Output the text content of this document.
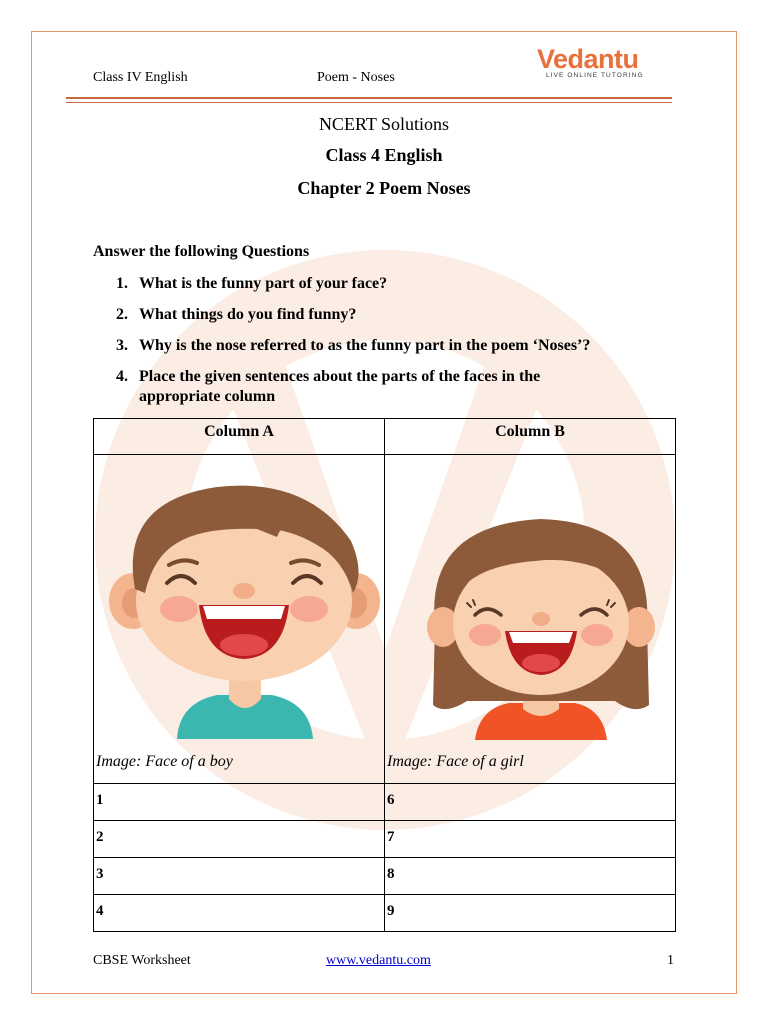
Class IV English	Poem - Noses
Vedantu
LIVE ONLINE TUTORING
NCERT Solutions
Class 4 English
Chapter 2 Poem Noses
Answer the following Questions
1. What is the funny part of your face?
2. What things do you find funny?
3. Why is the nose referred to as the funny part in the poem ‘Noses’?
4. Place the given sentences about the parts of the faces in the appropriate column
Column A	Column B

Image: Face of a boy	Image: Face of a girl

1	6
2	7
3	8
4	9
CBSE Worksheet	www.vedantu.com	1
